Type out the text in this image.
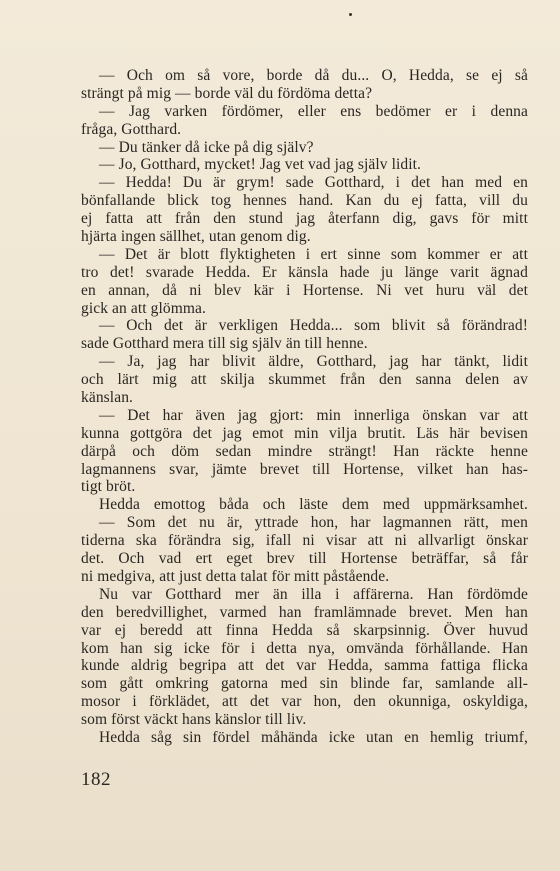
— Och om så vore, borde då du... O, Hedda, se ej så
strängt på mig — borde väl du fördöma detta?
— Jag varken fördömer, eller ens bedömer er i denna
fråga, Gotthard.
— Du tänker då icke på dig själv?
— Jo, Gotthard, mycket! Jag vet vad jag själv lidit.
— Hedda! Du är grym! sade Gotthard, i det han med en
bönfallande blick tog hennes hand. Kan du ej fatta, vill du
ej fatta att från den stund jag återfann dig, gavs för mitt
hjärta ingen sällhet, utan genom dig.
— Det är blott flyktigheten i ert sinne som kommer er att
tro det! svarade Hedda. Er känsla hade ju länge varit ägnad
en annan, då ni blev kär i Hortense. Ni vet huru väl det
gick an att glömma.
— Och det är verkligen Hedda... som blivit så förändrad!
sade Gotthard mera till sig själv än till henne.
— Ja, jag har blivit äldre, Gotthard, jag har tänkt, lidit
och lärt mig att skilja skummet från den sanna delen av
känslan.
— Det har även jag gjort: min innerliga önskan var att
kunna gottgöra det jag emot min vilja brutit. Läs här bevisen
därpå och döm sedan mindre strängt! Han räckte henne
lagmannens svar, jämte brevet till Hortense, vilket han has-
tigt bröt.
Hedda emottog båda och läste dem med uppmärksamhet.
— Som det nu är, yttrade hon, har lagmannen rätt, men
tiderna ska förändra sig, ifall ni visar att ni allvarligt önskar
det. Och vad ert eget brev till Hortense beträffar, så får
ni medgiva, att just detta talat för mitt påstående.
Nu var Gotthard mer än illa i affärerna. Han fördömde
den beredvillighet, varmed han framlämnade brevet. Men han
var ej beredd att finna Hedda så skarpsinnig. Över huvud
kom han sig icke för i detta nya, omvända förhållande. Han
kunde aldrig begripa att det var Hedda, samma fattiga flicka
som gått omkring gatorna med sin blinde far, samlande all-
mosor i förklädet, att det var hon, den okunniga, oskyldiga,
som först väckt hans känslor till liv.
Hedda såg sin fördel måhända icke utan en hemlig triumf,
182
